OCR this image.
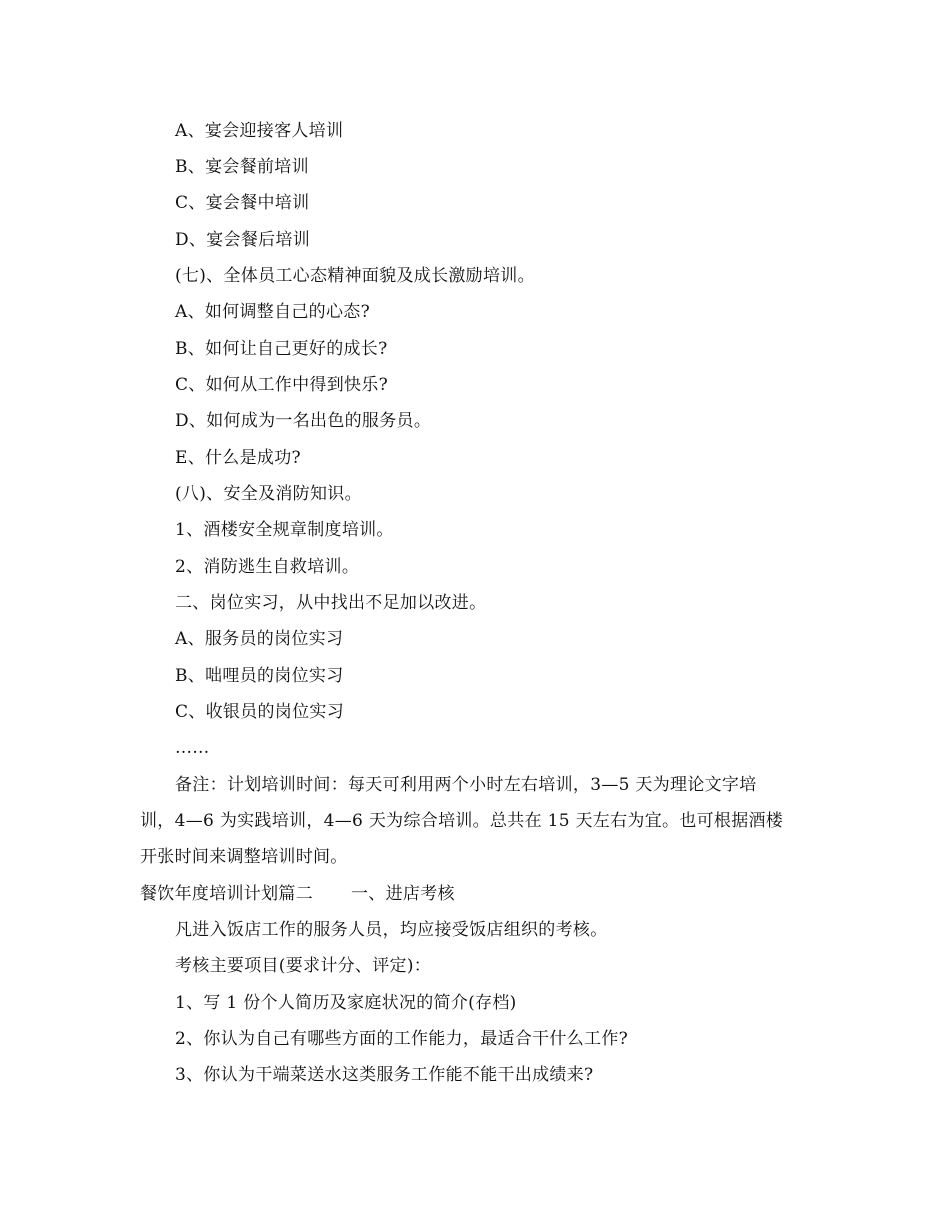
A、宴会迎接客人培训
B、宴会餐前培训
C、宴会餐中培训
D、宴会餐后培训
(七)、全体员工心态精神面貌及成长激励培训。
A、如何调整自己的心态?
B、如何让自己更好的成长?
C、如何从工作中得到快乐?
D、如何成为一名出色的服务员。
E、什么是成功?
(八)、安全及消防知识。
1、酒楼安全规章制度培训。
2、消防逃生自救培训。
二、岗位实习，从中找出不足加以改进。
A、服务员的岗位实习
B、咄哩员的岗位实习
C、收银员的岗位实习
……
备注：计划培训时间：每天可利用两个小时左右培训，3—5 天为理论文字培
训，4—6 为实践培训，4—6 天为综合培训。总共在 15 天左右为宜。也可根据酒楼
开张时间来调整培训时间。
餐饮年度培训计划篇二 一、进店考核
凡进入饭店工作的服务人员，均应接受饭店组织的考核。
考核主要项目(要求计分、评定)：
1、写 1 份个人简历及家庭状况的简介(存档)
2、你认为自己有哪些方面的工作能力，最适合干什么工作?
3、你认为干端菜送水这类服务工作能不能干出成绩来?
